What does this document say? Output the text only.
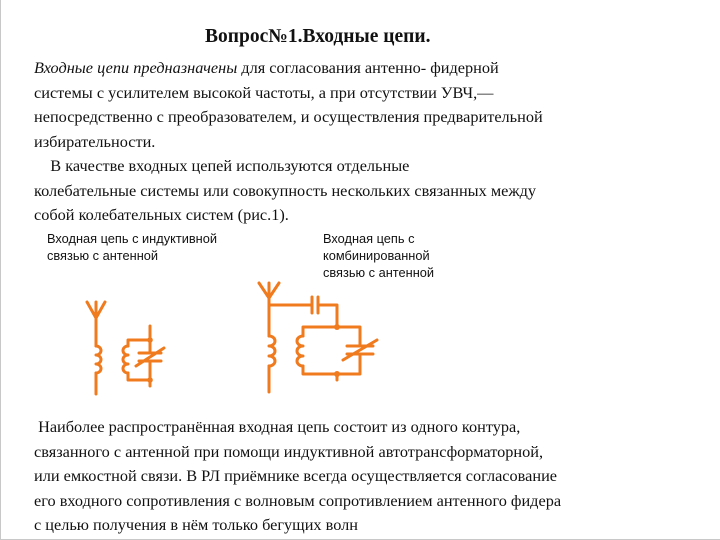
Вопрос№1.Входные цепи.
Входные цепи предназначены для согласования антенно- фидерной
системы с усилителем высокой частоты, а при отсутствии УВЧ,—
непосредственно с преобразователем, и осуществления предварительной
избирательности.
В качестве входных цепей используются отдельные
колебательные системы или совокупность нескольких связанных между
собой колебательных систем (рис.1).
Входная цепь с индуктивной
связью с антенной
Входная цепь с
комбинированной
связью с антенной
Наиболее распространённая входная цепь состоит из одного контура,
связанного с антенной при помощи индуктивной автотрансформаторной,
или емкостной связи. В РЛ приёмнике всегда осуществляется согласование
его входного сопротивления с волновым сопротивлением антенного фидера
с целью получения в нём только бегущих волн
